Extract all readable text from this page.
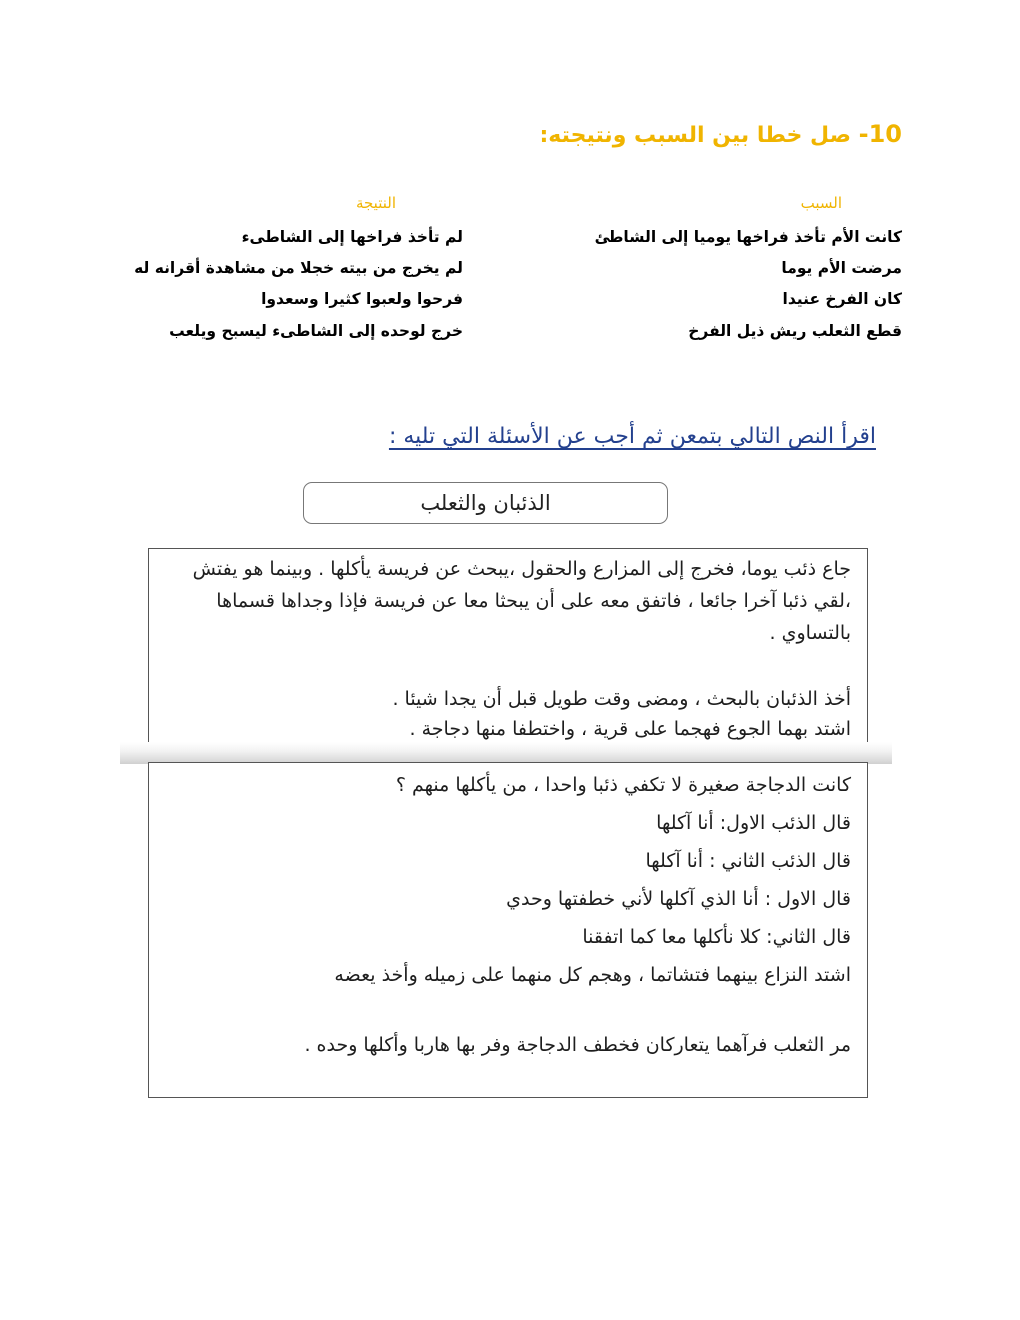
10- صل خطا بين السبب ونتيجته:
السبب
النتيجة
كانت الأم تأخذ فراخها يوميا إلى الشاطئ
مرضت الأم يوما
كان الفرخ عنيدا
قطع الثعلب ريش ذيل الفرخ
لم تأخذ فراخها إلى الشاطىء
لم يخرج من بيته خجلا من مشاهدة أقرانه له
فرحوا ولعبوا كثيرا وسعدوا
خرج لوحده إلى الشاطىء ليسبح ويلعب
اقرأ النص التالي بتمعن ثم أجب عن الأسئلة التي تليه :
الذئبان والثعلب
جاع ذئب يوما، فخرج إلى المزارع والحقول ،يبحث عن فريسة يأكلها . وبينما هو يفتش ،لقي ذئبا آخرا جائعا ، فاتفق معه على أن يبحثا معا عن فريسة فإذا وجداها قسماها بالتساوي .
أخذ الذئبان بالبحث ، ومضى وقت طويل قبل أن يجدا شيئا .
اشتد بهما الجوع فهجما على قرية ، واختطفا منها دجاجة .
كانت الدجاجة صغيرة لا تكفي ذئبا واحدا ، من يأكلها منهم ؟
قال الذئب الاول: أنا آكلها
قال الذئب الثاني : أنا آكلها
قال الاول : أنا الذي آكلها لأني خطفتها وحدي
قال الثاني: كلا نأكلها معا كما اتفقنا
اشتد النزاع بينهما فتشاتما ، وهجم كل منهما على زميله وأخذ يعضه
مر الثعلب فرآهما يتعاركان فخطف الدجاجة وفر بها هاربا وأكلها وحده .
